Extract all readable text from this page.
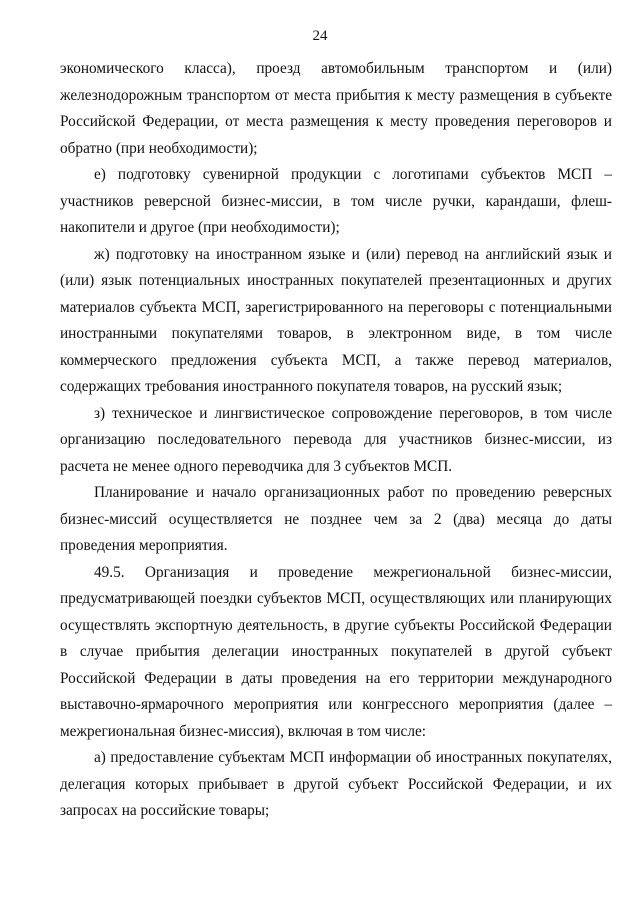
24

экономического класса), проезд автомобильным транспортом и (или) железнодорожным транспортом от места прибытия к месту размещения в субъекте Российской Федерации, от места размещения к месту проведения переговоров и обратно (при необходимости);

е) подготовку сувенирной продукции с логотипами субъектов МСП – участников реверсной бизнес-миссии, в том числе ручки, карандаши, флеш-накопители и другое (при необходимости);

ж) подготовку на иностранном языке и (или) перевод на английский язык и (или) язык потенциальных иностранных покупателей презентационных и других материалов субъекта МСП, зарегистрированного на переговоры с потенциальными иностранными покупателями товаров, в электронном виде, в том числе коммерческого предложения субъекта МСП, а также перевод материалов, содержащих требования иностранного покупателя товаров, на русский язык;

з) техническое и лингвистическое сопровождение переговоров, в том числе организацию последовательного перевода для участников бизнес-миссии, из расчета не менее одного переводчика для 3 субъектов МСП.

Планирование и начало организационных работ по проведению реверсных бизнес-миссий осуществляется не позднее чем за 2 (два) месяца до даты проведения мероприятия.

49.5. Организация и проведение межрегиональной бизнес-миссии, предусматривающей поездки субъектов МСП, осуществляющих или планирующих осуществлять экспортную деятельность, в другие субъекты Российской Федерации в случае прибытия делегации иностранных покупателей в другой субъект Российской Федерации в даты проведения на его территории международного выставочно-ярмарочного мероприятия или конгрессного мероприятия (далее – межрегиональная бизнес-миссия), включая в том числе:

а) предоставление субъектам МСП информации об иностранных покупателях, делегация которых прибывает в другой субъект Российской Федерации, и их запросах на российские товары;
